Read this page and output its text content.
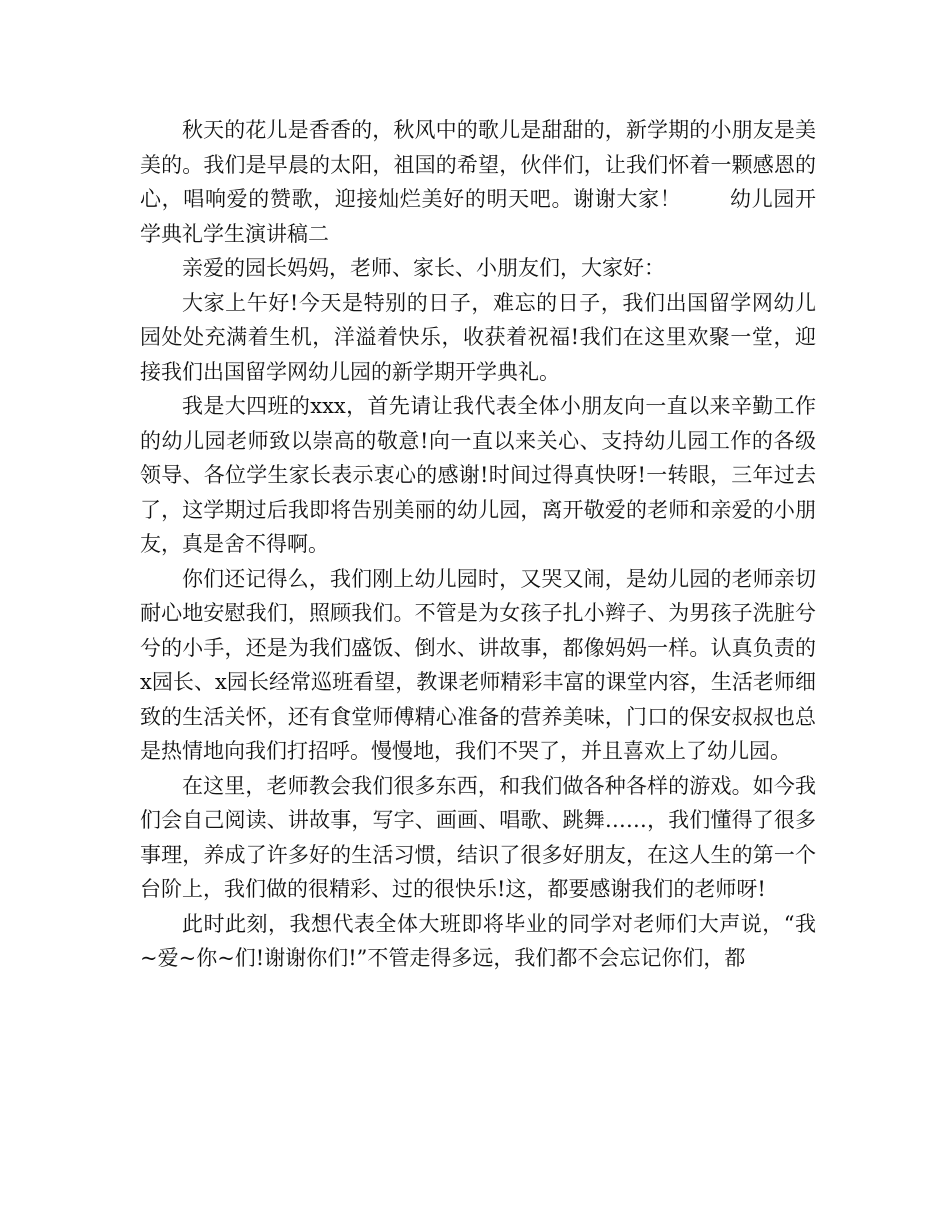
秋天的花儿是香香的，秋风中的歌儿是甜甜的，新学期的小朋友是美美的。我们是早晨的太阳，祖国的希望，伙伴们，让我们怀着一颗感恩的心，唱响爱的赞歌，迎接灿烂美好的明天吧。谢谢大家！ 幼儿园开学典礼学生演讲稿二

亲爱的园长妈妈，老师、家长、小朋友们，大家好：

大家上午好!今天是特别的日子，难忘的日子，我们出国留学网幼儿园处处充满着生机，洋溢着快乐，收获着祝福!我们在这里欢聚一堂，迎接我们出国留学网幼儿园的新学期开学典礼。

我是大四班的xxx，首先请让我代表全体小朋友向一直以来辛勤工作的幼儿园老师致以崇高的敬意!向一直以来关心、支持幼儿园工作的各级领导、各位学生家长表示衷心的感谢!时间过得真快呀!一转眼，三年过去了，这学期过后我即将告别美丽的幼儿园，离开敬爱的老师和亲爱的小朋友，真是舍不得啊。

你们还记得么，我们刚上幼儿园时，又哭又闹，是幼儿园的老师亲切耐心地安慰我们，照顾我们。不管是为女孩子扎小辫子、为男孩子洗脏兮兮的小手，还是为我们盛饭、倒水、讲故事，都像妈妈一样。认真负责的x园长、x园长经常巡班看望，教课老师精彩丰富的课堂内容，生活老师细致的生活关怀，还有食堂师傅精心准备的营养美味，门口的保安叔叔也总是热情地向我们打招呼。慢慢地，我们不哭了，并且喜欢上了幼儿园。

在这里，老师教会我们很多东西，和我们做各种各样的游戏。如今我们会自己阅读、讲故事，写字、画画、唱歌、跳舞……，我们懂得了很多事理，养成了许多好的生活习惯，结识了很多好朋友，在这人生的第一个台阶上，我们做的很精彩、过的很快乐!这，都要感谢我们的老师呀!

此时此刻，我想代表全体大班即将毕业的同学对老师们大声说，“我~爱~你~们!谢谢你们!”不管走得多远，我们都不会忘记你们，都
